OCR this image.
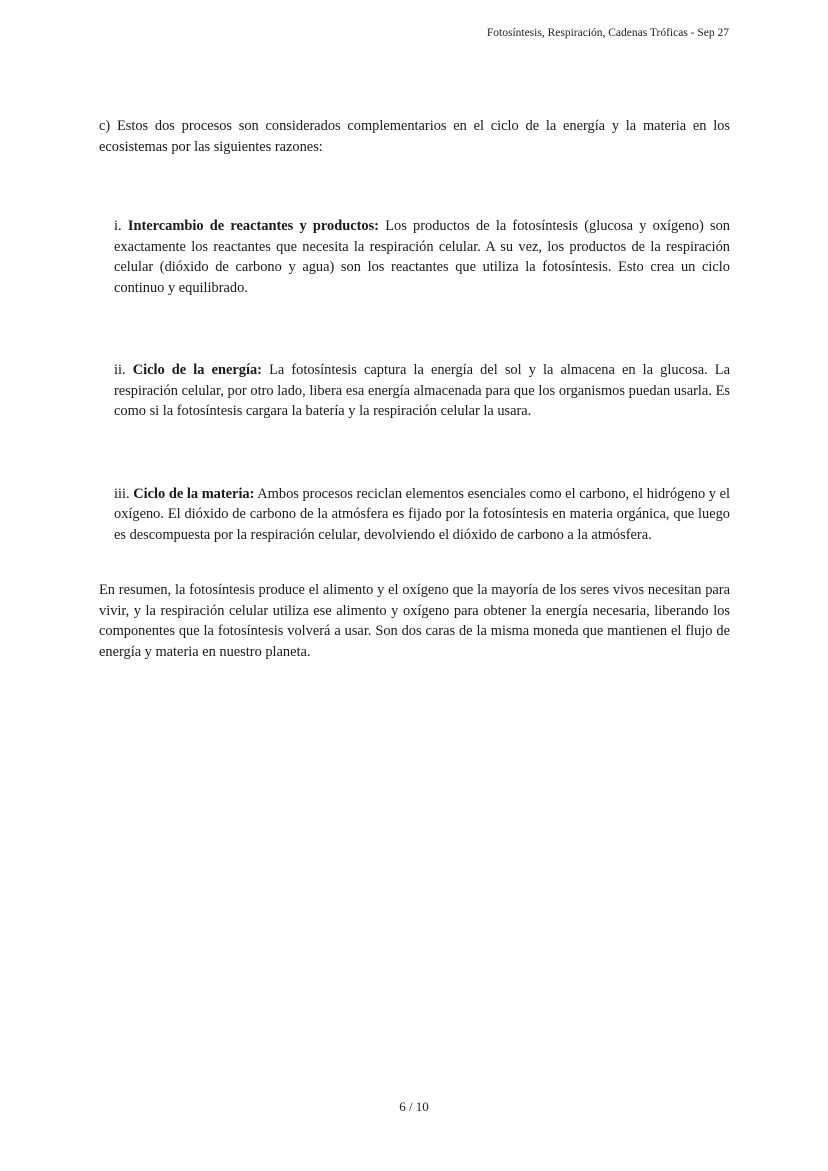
Fotosíntesis, Respiración, Cadenas Tróficas - Sep 27

c) Estos dos procesos son considerados complementarios en el ciclo de la energía y la materia en los ecosistemas por las siguientes razones:

i. Intercambio de reactantes y productos: Los productos de la fotosíntesis (glucosa y oxígeno) son exactamente los reactantes que necesita la respiración celular. A su vez, los productos de la respiración celular (dióxido de carbono y agua) son los reactantes que utiliza la fotosíntesis. Esto crea un ciclo continuo y equilibrado.

ii. Ciclo de la energía: La fotosíntesis captura la energía del sol y la almacena en la glucosa. La respiración celular, por otro lado, libera esa energía almacenada para que los organismos puedan usarla. Es como si la fotosíntesis cargara la batería y la respiración celular la usara.

iii. Ciclo de la materia: Ambos procesos reciclan elementos esenciales como el carbono, el hidrógeno y el oxígeno. El dióxido de carbono de la atmósfera es fijado por la fotosíntesis en materia orgánica, que luego es descompuesta por la respiración celular, devolviendo el dióxido de carbono a la atmósfera.

En resumen, la fotosíntesis produce el alimento y el oxígeno que la mayoría de los seres vivos necesitan para vivir, y la respiración celular utiliza ese alimento y oxígeno para obtener la energía necesaria, liberando los componentes que la fotosíntesis volverá a usar. Son dos caras de la misma moneda que mantienen el flujo de energía y materia en nuestro planeta.

6 / 10
